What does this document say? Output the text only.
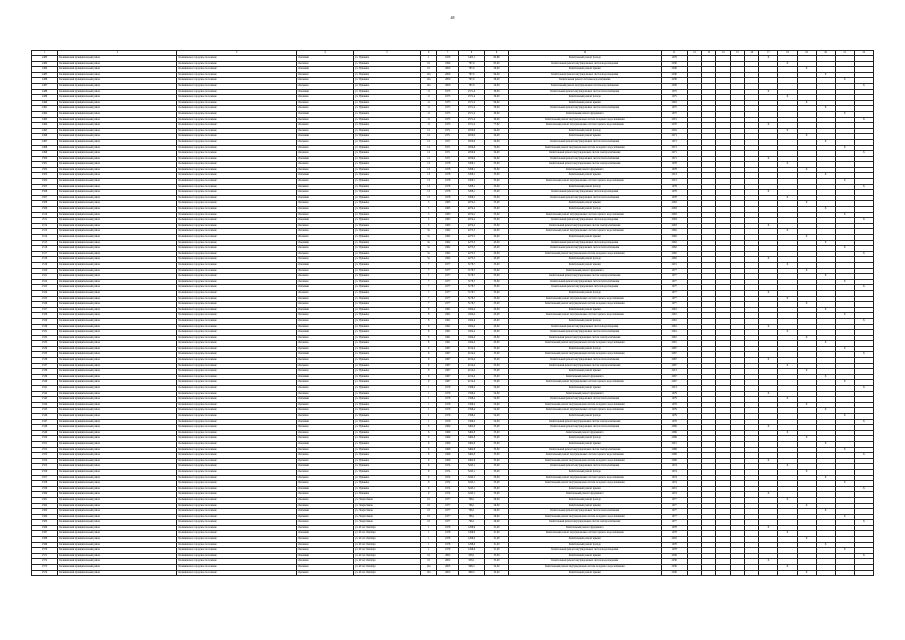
48
1	2	3	4	5	6	7	8	9	10	11	12	13	14	15	16	17	18	19	20	21	22
2483	Калининский муниципальный район	Калининское городское поселение	г.Калинин	ул. Пушкина	1	1979	1405,1	82,88	Капитальный ремонт фасада	1979						X					
2484	Калининский муниципальный район	Калининское городское поселение	г.Колкино	ул. Пушкина	10	1996	787,6	85,00	Капитальный ремонт внутридомовых систем водоотведения	2030							X				
2484	Калининский муниципальный район	Калининское городское поселение	г.Калинин	ул. Пушкина	10	2000	787,6	59,00	Капитальный ремонт крыши	2030								X			
2485	Калининский муниципальный район	Калининское городское поселение	г.Колкино	ул. Пушкина	10а	2000	787,6	90,00	Капитальный ремонт внутридомовых систем водоотведения	2030									X		
2486	Калининский муниципальный район	Калининское городское поселение	г.Колкино	ул. Пушкина	10а	2000	787,6	39,00	Капитальный ремонт системы водоснабжения	2030										X	
2487	Калининский муниципальный район	Калининское городское поселение	г.Колкино	ул. Пушкина	10а	2000	787,6	20,00	Капитальный ремонт внутридомовых систем водоснабжения	2030											X
2488	Калининский муниципальный район	Калининское городское поселение	г.Калинин	ул. Пушкина	11	1975	2571,4	30,00	Капитальный ремонт внутридомовых систем теплоснабжения	1975						X					
2489	Калининский муниципальный район	Калининское городское поселение	г.Колкино	ул. Пушкина	11	1975	2571,4	30,00	Капитальный ремонт фасада	1975							X				
2490	Калининский муниципальный район	Калининское городское поселение	г.Колкино	ул. Пушкина	11	1975	2571,4	90,00	Капитальный ремонт крыши	2016								X			
2491	Калининский муниципальный район	Калининское городское поселение	г.Колкино	ул. Пушкина	11	1975	2571,4	30,00	Капитальный ремонт внутридомовых систем теплоснабжения	1975									X		
2492	Калининский муниципальный район	Калининское городское поселение	г.Калинин	ул. Пушкина	11	1975	2571,4	30,00	Капитальный ремонт фундамента	1975										X	
2493	Калининский муниципальный район	Калининское городское поселение	г.Колкино	ул. Пушкина	11	1975	2571,4	30,00	Капитальный ремонт внутридомовых систем холодного водоснабжения	2015											X
2494	Калининский муниципальный район	Калининское городское поселение	г.Колкино	ул. Пушкина	11	1975	2571,4	77,82	Капитальный ремонт внутридомовых систем горячего водоснабжения	2070						X					
2495	Калининский муниципальный район	Калининское городское поселение	г.Колкино	ул. Пушкина	12	1971	2050,6	34,00	Капитальный ремонт фасада	2016							X				
2496	Калининский муниципальный район	Калининское городское поселение	г.Калинин	ул. Пушкина	12	1971	2050,6	34,00	Капитальный ремонт крыши	2071								X			
2497	Калининский муниципальный район	Калининское городское поселение	г.Колкино	ул. Пушкина	12	1971	2050,6	34,00	Капитальный ремонт внутридомовых систем теплоснабжения	1971									X		
2498	Калининский муниципальный район	Калининское городское поселение	г.Колкино	ул. Пушкина	12	1971	2050,6	74,00	Капитальный ремонт внутридомовых систем холодного водоснабжения	2071										X	
2499	Калининский муниципальный район	Калининское городское поселение	г.Колкино	ул. Пушкина	12	1971	2050,6	34,00	Капитальный ремонт внутридомовых систем электроснабжения	2071											X
2500	Калининский муниципальный район	Калининское городское поселение	г.Калинин	ул. Пушкина	12	1971	2050,6	34,00	Капитальный ремонт внутридомовых систем теплоснабжения	1971						X					
2501	Калининский муниципальный район	Калининское городское поселение	г.Колкино	ул. Пушкина	13	1978	3458,1	35,00	Капитальный ремонт внутридомовых систем электроснабжения	1978							X				
2502	Калининский муниципальный район	Калининское городское поселение	г.Колкино	ул. Пушкина	13	1978	3458,1	35,00	Капитальный ремонт фундамента	1978								X			
2503	Калининский муниципальный район	Калининское городское поселение	г.Калинин	ул. Пушкина	13	1978	3458,1	35,00	Капитальный ремонт крыши	2013									X		
2504	Калининский муниципальный район	Калининское городское поселение	г.Колкино	ул. Пушкина	13	1978	3458,1	35,00	Капитальный ремонт внутридомовых систем горячего водоснабжения	2013										X	
2505	Калининский муниципальный район	Калининское городское поселение	г.Колкино	ул. Пушкина	13	1978	3458,1	35,00	Капитальный ремонт фасада	1978											X
2506	Калининский муниципальный район	Калининское городское поселение	г.Колкино	ул. Пушкина	13	1978	3458,1	35,00	Капитальный ремонт внутридомовых систем водоотведения	1978						X					
2507	Калининский муниципальный район	Калининское городское поселение	г.Калинин	ул. Пушкина	13	1978	3458,1	35,00	Капитальный ремонт внутридомовых систем теплоснабжения	1978							X				
2508	Калининский муниципальный район	Калининское городское поселение	г.Колкино	ул. Пушкина	5	1963	4074,2	35,00	Капитальный ремонт крыши	2063								X			
2509	Калининский муниципальный район	Калининское городское поселение	г.Колкино	ул. Пушкина	5	1963	4074,2	35,00	Капитальный ремонт фасада	2063									X		
2510	Калининский муниципальный район	Калининское городское поселение	г.Колкино	ул. Пушкина	5	1963	4074,2	35,00	Капитальный ремонт внутридомовых систем горячего водоснабжения	2063										X	
2511	Калининский муниципальный район	Калининское городское поселение	г.Калинин	ул. Пушкина	5	1963	4074,2	35,00	Капитальный ремонт внутридомовых систем водоотведения	2063											X
2512	Калининский муниципальный район	Калининское городское поселение	г.Колкино	ул. Пушкина	5	1963	4074,2	35,00	Капитальный ремонт внутридомовых систем электроснабжения	2063						X					
2513	Калининский муниципальный район	Калининское городское поселение	г.Колкино	ул. Пушкина	5а	1962	4275,5	43,00	Капитальный ремонт внутридомовых систем горячего водоснабжения	2062							X				
2514	Калининский муниципальный район	Калининское городское поселение	г.Колкино	ул. Пушкина	5а	1962	4275,5	43,00	Капитальный ремонт крыши	2062								X			
2515	Калининский муниципальный район	Калининское городское поселение	г.Калинин	ул. Пушкина	5а	1962	4275,5	43,00	Капитальный ремонт внутридомовых систем водоотведения	2062									X		
2516	Калининский муниципальный район	Калининское городское поселение	г.Колкино	ул. Пушкина	5а	1962	4275,5	43,00	Капитальный ремонт внутридомовых систем теплоснабжения	2062										X	
2517	Калининский муниципальный район	Калининское городское поселение	г.Колкино	ул. Пушкина	5а	1962	4275,5	43,00	Капитальный ремонт внутридомовых систем холодного водоснабжения	2062											X
2518	Калининский муниципальный район	Калининское городское поселение	г.Колкино	ул. Пушкина	5а	1962	4275,5	43,00	Капитальный ремонт фасада	2062						X					
2519	Калининский муниципальный район	Калининское городское поселение	г.Калинин	ул. Пушкина	7	1977	5178,7	35,00	Капитальный ремонт крыши	2015							X				
2520	Калининский муниципальный район	Калининское городское поселение	г.Колкино	ул. Пушкина	7	1977	5178,7	35,00	Капитальный ремонт фундамента	1977								X			
2521	Калининский муниципальный район	Калининское городское поселение	г.Колкино	ул. Пушкина	7	1977	5178,7	35,00	Капитальный ремонт внутридомовых систем электроснабжения	1977									X		
2522	Калининский муниципальный район	Калининское городское поселение	г.Колкино	ул. Пушкина	7	1977	5178,7	35,00	Капитальный ремонт внутридомовых систем теплоснабжения	1977										X	
2523	Калининский муниципальный район	Калининское городское поселение	г.Калинин	ул. Пушкина	7	1977	5178,7	35,00	Капитальный ремонт внутридомовых систем водоотведения	1977											X
2524	Калининский муниципальный район	Калининское городское поселение	г.Колкино	ул. Пушкина	7	1977	5178,7	35,00	Капитальный ремонт фасада	1977						X					
2525	Калининский муниципальный район	Калининское городское поселение	г.Колкино	ул. Пушкина	7	1977	5178,7	35,00	Капитальный ремонт внутридомовых систем горячего водоснабжения	1977							X				
2526	Калининский муниципальный район	Калининское городское поселение	г.Колкино	ул. Пушкина	7	1977	5178,7	35,00	Капитальный ремонт внутридомовых систем холодного водоснабжения	1977								X			
2527	Калининский муниципальный район	Калининское городское поселение	г.Калинин	ул. Пушкина	8	1961	1824,4	43,00	Капитальный ремонт крыши	2061									X		
2528	Калининский муниципальный район	Калининское городское поселение	г.Колкино	ул. Пушкина	8	1961	1824,4	43,00	Капитальный ремонт внутридомовых систем горячего водоснабжения	2061										X	
2529	Калининский муниципальный район	Калининское городское поселение	г.Колкино	ул. Пушкина	8	1961	1824,4	43,00	Капитальный ремонт фасада	2061											X
2530	Калининский муниципальный район	Калининское городское поселение	г.Колкино	ул. Пушкина	8	1961	1824,4	43,00	Капитальный ремонт внутридомовых систем водоотведения	2061						X					
2531	Калининский муниципальный район	Калининское городское поселение	г.Калинин	ул. Пушкина	8	1961	1824,4	43,00	Капитальный ремонт внутридомовых систем теплоснабжения	2061							X				
2532	Калининский муниципальный район	Калининское городское поселение	г.Колкино	ул. Пушкина	8	1961	1824,4	43,00	Капитальный ремонт внутридомовых систем электроснабжения	2061								X			
2533	Калининский муниципальный район	Калининское городское поселение	г.Колкино	ул. Пушкина	8	1961	1824,4	43,00	Капитальный ремонт внутридомовых систем холодного водоснабжения	2061									X		
2534	Калининский муниципальный район	Калининское городское поселение	г.Колкино	ул. Пушкина	9	1967	4154,4	35,00	Капитальный ремонт фасада	2067										X	
2535	Калининский муниципальный район	Калининское городское поселение	г.Калинин	ул. Пушкина	9	1967	4154,4	35,00	Капитальный ремонт внутридомовых систем холодного водоснабжения	2067											X
2536	Калининский муниципальный район	Калининское городское поселение	г.Колкино	ул. Пушкина	9	1967	4154,4	35,00	Капитальный ремонт внутридомовых систем теплоснабжения	2067						X					
2537	Калининский муниципальный район	Калининское городское поселение	г.Колкино	ул. Пушкина	9	1967	4154,4	35,00	Капитальный ремонт внутридомовых систем электроснабжения	2067							X				
2538	Калининский муниципальный район	Калининское городское поселение	г.Колкино	ул. Пушкина	9	1967	4154,4	35,00	Капитальный ремонт крыши	2013								X			
2539	Калининский муниципальный район	Калининское городское поселение	г.Калинин	ул. Пушкина	9	1967	4154,4	35,00	Капитальный ремонт фундамента	2067									X		
2540	Калининский муниципальный район	Калининское городское поселение	г.Колкино	ул. Пушкина	9	1967	4154,4	35,00	Капитальный ремонт внутридомовых систем горячего водоснабжения	2067										X	
2541	Калининский муниципальный район	Калининское городское поселение	г.Колкино	ул. Пушкина	1	1979	1598,4	54,00	Капитальный ремонт крыши	2013											X
2542	Калининский муниципальный район	Калининское городское поселение	г.Колкино	ул. Пушкина	1	1979	1598,4	54,00	Капитальный ремонт фундамента	1979						X					
2543	Калининский муниципальный район	Калининское городское поселение	г.Калинин	ул. Пушкина	1	1979	1598,4	54,00	Капитальный ремонт внутридомовых систем теплоснабжения	1979							X				
2544	Калининский муниципальный район	Калининское городское поселение	г.Колкино	ул. Пушкина	1	1979	1598,4	54,00	Капитальный ремонт внутридомовых систем холодного водоснабжения	1979								X			
2545	Калининский муниципальный район	Калининское городское поселение	г.Колкино	ул. Пушкина	1	1979	1598,4	54,00	Капитальный ремонт внутридомовых систем горячего водоснабжения	1979									X		
2546	Калининский муниципальный район	Калининское городское поселение	г.Колкино	ул. Пушкина	1	1979	1598,4	54,00	Капитальный ремонт фасада	1979										X	
2547	Калининский муниципальный район	Калининское городское поселение	г.Калинин	ул. Пушкина	1	1979	1598,4	54,00	Капитальный ремонт внутридомовых систем электроснабжения	1979											X
2548	Калининский муниципальный район	Калининское городское поселение	г.Колкино	ул. Пушкина	6	1969	3462,8	35,00	Капитальный ремонт внутридомовых систем теплоснабжения	2069						X					
2549	Калининский муниципальный район	Калининское городское поселение	г.Колкино	ул. Пушкина	6	1969	3462,8	35,00	Капитальный ремонт фундамента	2069							X				
2550	Калининский муниципальный район	Калининское городское поселение	г.Колкино	ул. Пушкина	6	1969	3462,8	35,00	Капитальный ремонт фасада	2069								X			
2551	Калининский муниципальный район	Калининское городское поселение	г.Калинин	ул. Пушкина	6	1969	3462,8	35,00	Капитальный ремонт крыши	2015									X		
2552	Калининский муниципальный район	Калининское городское поселение	г.Колкино	ул. Пушкина	6	1969	3462,8	35,00	Капитальный ремонт внутридомовых систем электроснабжения	2069										X	
2553	Калининский муниципальный район	Калининское городское поселение	г.Колкино	ул. Пушкина	6	1969	3462,8	35,00	Капитальный ремонт внутридомовых систем горячего водоснабжения	2069											X
2554	Калининский муниципальный район	Калининское городское поселение	г.Колкино	ул. Пушкина	6	1969	3462,8	35,00	Капитальный ремонт внутридомовых систем холодного водоснабжения	2069						X					
2555	Калининский муниципальный район	Калининское городское поселение	г.Калинин	ул. Пушкина	9	1974	3245,1	33,00	Капитальный ремонт внутридомовых систем теплоснабжения	1974							X				
2556	Калининский муниципальный район	Калининское городское поселение	г.Колкино	ул. Пушкина	9	1974	3245,1	33,00	Капитальный ремонт фасада	1974								X			
2557	Калининский муниципальный район	Калининское городское поселение	г.Колкино	ул. Пушкина	9	1974	3245,1	33,00	Капитальный ремонт внутридомовых систем горячего водоснабжения	1974									X		
2558	Калининский муниципальный район	Калининское городское поселение	г.Колкино	ул. Пушкина	9	1974	3245,1	33,00	Капитальный ремонт внутридомовых систем холодного водоснабжения	1974										X	
2559	Калининский муниципальный район	Калининское городское поселение	г.Калинин	ул. Пушкина	9	1974	3245,1	33,00	Капитальный ремонт крыши	2015											X
2560	Калининский муниципальный район	Калининское городское поселение	г.Колкино	ул. Пушкина	9	1974	3245,1	33,00	Капитальный ремонт фундамента	1974						X					
2561	Калининский муниципальный район	Калининское городское поселение	г.Колкино	ул. Энергетиков	10	1977	796,1	29,00	Капитальный ремонт фасада	1977							X				
2562	Калининский муниципальный район	Калининское городское поселение	г.Колкино	ул. Энергетиков	10	1977	796,1	29,00	Капитальный ремонт крыши	1977								X			
2563	Калининский муниципальный район	Калининское городское поселение	г.Калинин	ул. Энергетиков	10	1977	796,1	29,00	Капитальный ремонт внутридомовых систем теплоснабжения	1977									X		
2564	Калининский муниципальный район	Калининское городское поселение	г.Колкино	ул. Энергетиков	10	1977	796,1	29,00	Капитальный ремонт внутридомовых систем холодного водоснабжения	1977										X	
2565	Калининский муниципальный район	Калининское городское поселение	г.Колкино	ул. Энергетиков	10	1977	796,1	29,00	Капитальный ремонт внутридомовых систем электроснабжения	1977											X
2566	Калининский муниципальный район	Калининское городское поселение	г.Колкино	ул. 40 лет Октября	1	1978	1298,6	31,00	Капитальный ремонт фундамента	1978						X					
2567	Калининский муниципальный район	Калининское городское поселение	г.Калинин	ул. 40 лет Октября	1	1978	1298,6	31,00	Капитальный ремонт внутридомовых систем горячего водоснабжения	1978							X				
2568	Калининский муниципальный район	Калининское городское поселение	г.Колкино	ул. 40 лет Октября	1	1978	1298,6	31,00	Капитальный ремонт крыши	2016								X			
2569	Калининский муниципальный район	Калининское городское поселение	г.Колкино	ул. 40 лет Октября	1	1978	1298,6	31,00	Капитальный ремонт фасада	1978									X		
2570	Калининский муниципальный район	Калининское городское поселение	г.Колкино	ул. 40 лет Октября	1	1978	1298,6	31,00	Капитальный ремонт внутридомовых систем водоотведения	1978										X	
2571	Калининский муниципальный район	Калининское городское поселение	г.Калинин	ул. 40 лет Октября	10	2002	958,1	35,00	Капитальный ремонт крыши	2030											X
2572	Калининский муниципальный район	Калининское городское поселение	г.Колкино	ул. 40 лет Октября	10	2002	958,1	35,00	Капитальный ремонт внутридомовых систем водоотведения	2030						X					
2573	Калининский муниципальный район	Калининское городское поселение	г.Колкино	ул. 40 лет Октября	10а	2003	968,3	32,00	Капитальный ремонт внутридомовых систем холодного водоснабжения	2030							X				
2574	Калининский муниципальный район	Калининское городское поселение	г.Колкино	ул. 40 лет Октября	10а	2003	968,3	32,00	Капитальный ремонт крыши	2030								X			
